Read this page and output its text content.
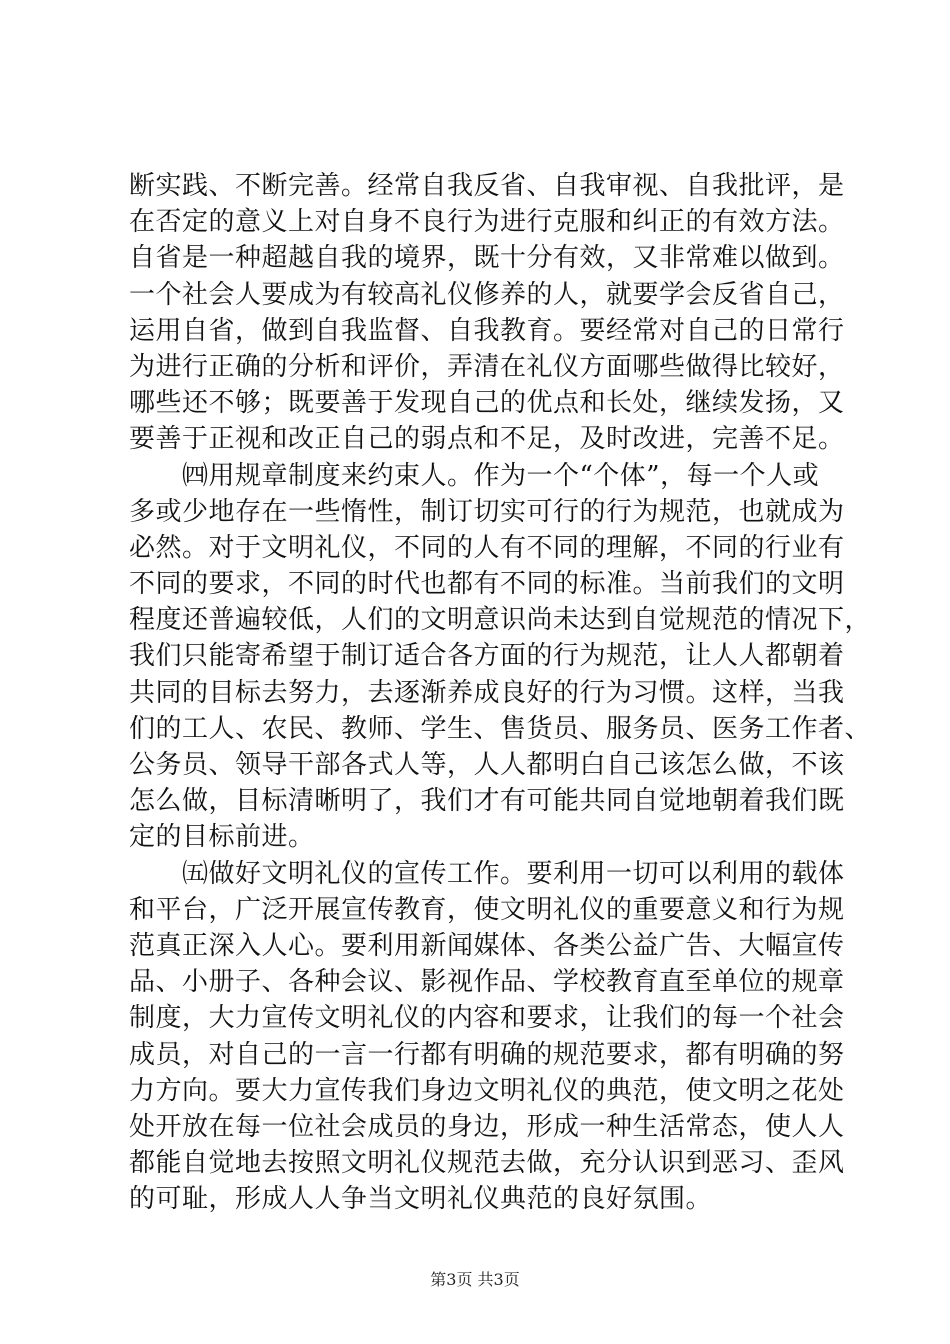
断实践、不断完善。经常自我反省、自我审视、自我批评，是
在否定的意义上对自身不良行为进行克服和纠正的有效方法。
自省是一种超越自我的境界，既十分有效，又非常难以做到。
一个社会人要成为有较高礼仪修养的人，就要学会反省自己，
运用自省，做到自我监督、自我教育。要经常对自己的日常行
为进行正确的分析和评价，弄清在礼仪方面哪些做得比较好，
哪些还不够；既要善于发现自己的优点和长处，继续发扬，又
要善于正视和改正自己的弱点和不足，及时改进，完善不足。
　　㈣用规章制度来约束人。作为一个“个体”，每一个人或
多或少地存在一些惰性，制订切实可行的行为规范，也就成为
必然。对于文明礼仪，不同的人有不同的理解，不同的行业有
不同的要求，不同的时代也都有不同的标准。当前我们的文明
程度还普遍较低，人们的文明意识尚未达到自觉规范的情况下，
我们只能寄希望于制订适合各方面的行为规范，让人人都朝着
共同的目标去努力，去逐渐养成良好的行为习惯。这样，当我
们的工人、农民、教师、学生、售货员、服务员、医务工作者、
公务员、领导干部各式人等，人人都明白自己该怎么做，不该
怎么做，目标清晰明了，我们才有可能共同自觉地朝着我们既
定的目标前进。
　　㈤做好文明礼仪的宣传工作。要利用一切可以利用的载体
和平台，广泛开展宣传教育，使文明礼仪的重要意义和行为规
范真正深入人心。要利用新闻媒体、各类公益广告、大幅宣传
品、小册子、各种会议、影视作品、学校教育直至单位的规章
制度，大力宣传文明礼仪的内容和要求，让我们的每一个社会
成员，对自己的一言一行都有明确的规范要求，都有明确的努
力方向。要大力宣传我们身边文明礼仪的典范，使文明之花处
处开放在每一位社会成员的身边，形成一种生活常态，使人人
都能自觉地去按照文明礼仪规范去做，充分认识到恶习、歪风
的可耻，形成人人争当文明礼仪典范的良好氛围。
第3页 共3页
